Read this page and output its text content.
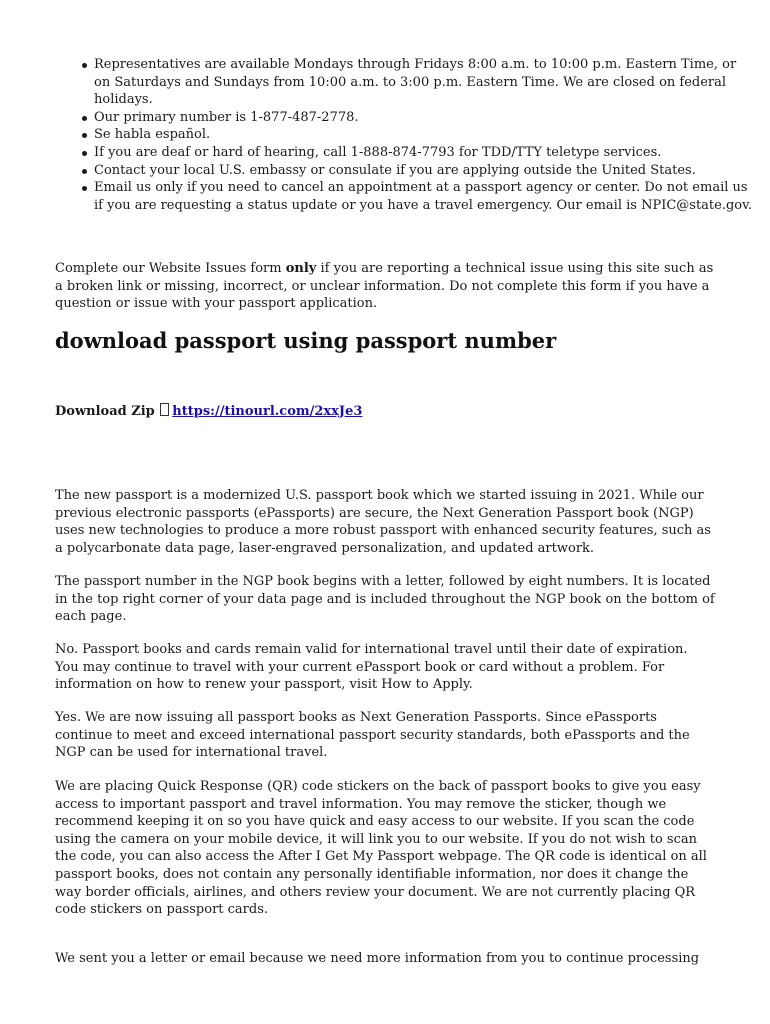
Representatives are available Mondays through Fridays 8:00 a.m. to 10:00 p.m. Eastern Time, or on Saturdays and Sundays from 10:00 a.m. to 3:00 p.m. Eastern Time. We are closed on federal holidays.
Our primary number is 1-877-487-2778.
Se habla español.
If you are deaf or hard of hearing, call 1-888-874-7793 for TDD/TTY teletype services.
Contact your local U.S. embassy or consulate if you are applying outside the United States.
Email us only if you need to cancel an appointment at a passport agency or center. Do not email us if you are requesting a status update or you have a travel emergency. Our email is NPIC@state.gov.

Complete our Website Issues form only if you are reporting a technical issue using this site such as a broken link or missing, incorrect, or unclear information. Do not complete this form if you have a question or issue with your passport application.

download passport using passport number

Download Zip https://tinourl.com/2xxJe3

The new passport is a modernized U.S. passport book which we started issuing in 2021. While our previous electronic passports (ePassports) are secure, the Next Generation Passport book (NGP) uses new technologies to produce a more robust passport with enhanced security features, such as a polycarbonate data page, laser-engraved personalization, and updated artwork.

The passport number in the NGP book begins with a letter, followed by eight numbers. It is located in the top right corner of your data page and is included throughout the NGP book on the bottom of each page.

No. Passport books and cards remain valid for international travel until their date of expiration. You may continue to travel with your current ePassport book or card without a problem. For information on how to renew your passport, visit How to Apply.

Yes. We are now issuing all passport books as Next Generation Passports. Since ePassports continue to meet and exceed international passport security standards, both ePassports and the NGP can be used for international travel.

We are placing Quick Response (QR) code stickers on the back of passport books to give you easy access to important passport and travel information. You may remove the sticker, though we recommend keeping it on so you have quick and easy access to our website. If you scan the code using the camera on your mobile device, it will link you to our website. If you do not wish to scan the code, you can also access the After I Get My Passport webpage. The QR code is identical on all passport books, does not contain any personally identifiable information, nor does it change the way border officials, airlines, and others review your document. We are not currently placing QR code stickers on passport cards.

We sent you a letter or email because we need more information from you to continue processing
